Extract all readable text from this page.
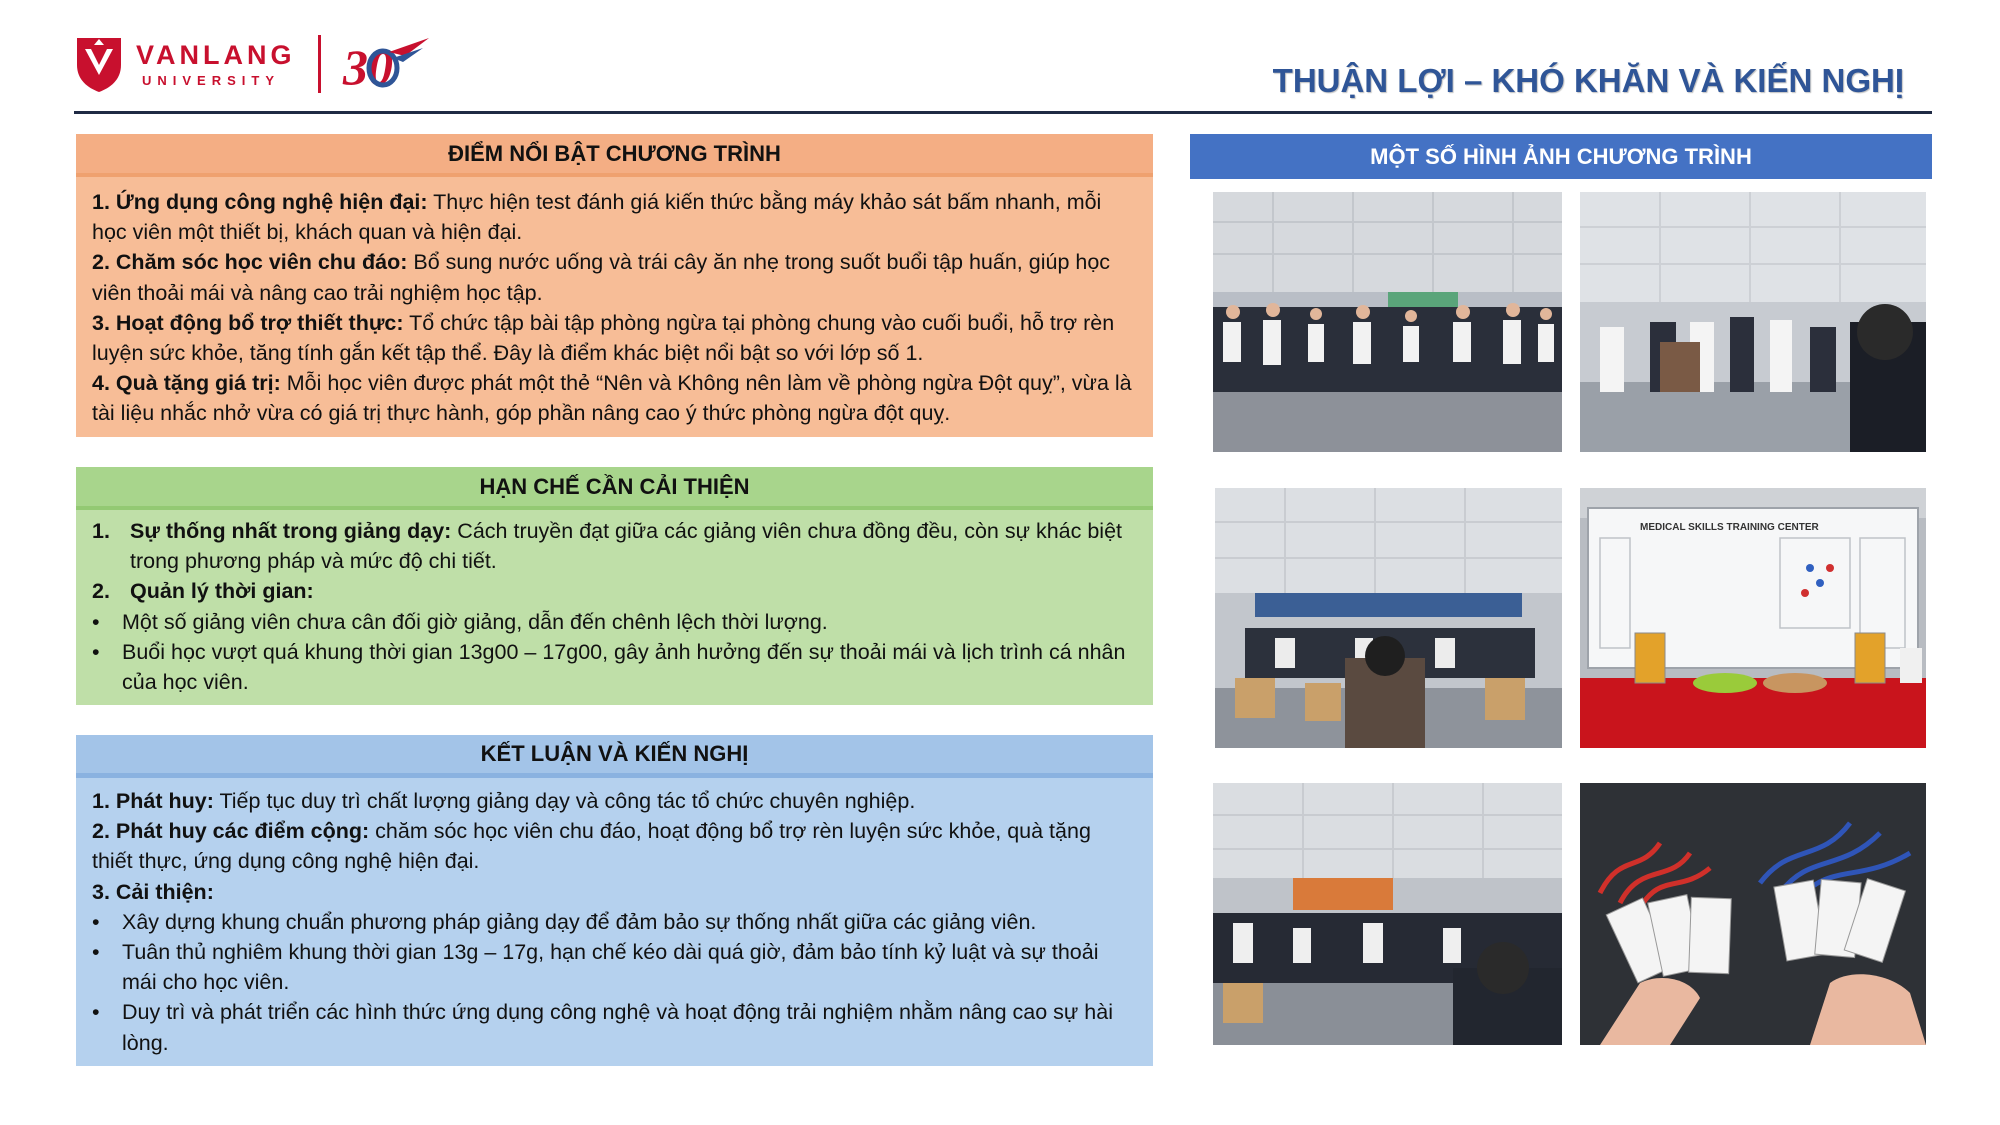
VANLANG
UNIVERSITY	30	THUẬN LỢI – KHÓ KHĂN VÀ KIẾN NGHỊ
ĐIỂM NỔI BẬT CHƯƠNG TRÌNH
1. Ứng dụng công nghệ hiện đại: Thực hiện test đánh giá kiến thức bằng máy khảo sát bấm nhanh, mỗi học viên một thiết bị, khách quan và hiện đại.
2. Chăm sóc học viên chu đáo: Bổ sung nước uống và trái cây ăn nhẹ trong suốt buổi tập huấn, giúp học viên thoải mái và nâng cao trải nghiệm học tập.
3. Hoạt động bổ trợ thiết thực: Tổ chức tập bài tập phòng ngừa tại phòng chung vào cuối buổi, hỗ trợ rèn luyện sức khỏe, tăng tính gắn kết tập thể. Đây là điểm khác biệt nổi bật so với lớp số 1.
4. Quà tặng giá trị: Mỗi học viên được phát một thẻ “Nên và Không nên làm về phòng ngừa Đột quỵ”, vừa là tài liệu nhắc nhở vừa có giá trị thực hành, góp phần nâng cao ý thức phòng ngừa đột quỵ.
HẠN CHẾ CẦN CẢI THIỆN
1. Sự thống nhất trong giảng dạy: Cách truyền đạt giữa các giảng viên chưa đồng đều, còn sự khác biệt trong phương pháp và mức độ chi tiết.
2. Quản lý thời gian:
•	Một số giảng viên chưa cân đối giờ giảng, dẫn đến chênh lệch thời lượng.
•	Buổi học vượt quá khung thời gian 13g00 – 17g00, gây ảnh hưởng đến sự thoải mái và lịch trình cá nhân của học viên.
KẾT LUẬN VÀ KIẾN NGHỊ
1. Phát huy: Tiếp tục duy trì chất lượng giảng dạy và công tác tổ chức chuyên nghiệp.
2. Phát huy các điểm cộng: chăm sóc học viên chu đáo, hoạt động bổ trợ rèn luyện sức khỏe, quà tặng thiết thực, ứng dụng công nghệ hiện đại.
3. Cải thiện:
•	Xây dựng khung chuẩn phương pháp giảng dạy để đảm bảo sự thống nhất giữa các giảng viên.
•	Tuân thủ nghiêm khung thời gian 13g – 17g, hạn chế kéo dài quá giờ, đảm bảo tính kỷ luật và sự thoải mái cho học viên.
•	Duy trì và phát triển các hình thức ứng dụng công nghệ và hoạt động trải nghiệm nhằm nâng cao sự hài lòng.
MỘT SỐ HÌNH ẢNH CHƯƠNG TRÌNH
MEDICAL SKILLS TRAINING CENTER
